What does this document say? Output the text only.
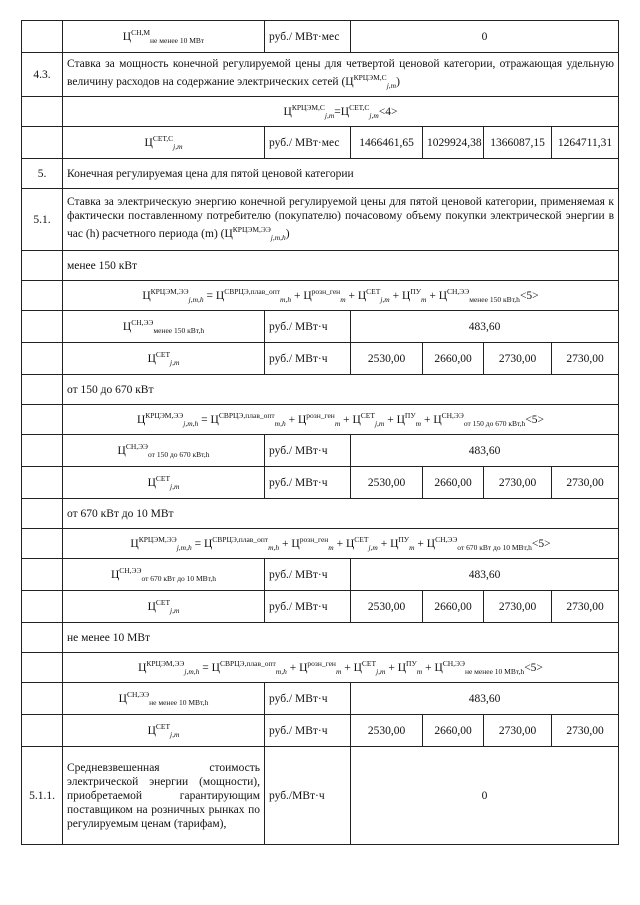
	$Ц^{СН,М}_{не менее 10 МВт}$	руб./ МВт·мес	0			
4.3.	Ставка за мощность конечной регулируемой цены для четвертой ценовой категории, отражающая удельную величину расходов на содержание электрических сетей $(Ц^{КРЦЭМ,С}_{j,m})$					
	$Ц^{КРЦЭМ,С}_{j,m}=Ц^{СЕТ,С}_{j,m}<4>$					
	$Ц^{СЕТ,С}_{j,m}$	руб./ МВт·мес	1466461,65	1029924,38	1366087,15	1264711,31
5.	Конечная регулируемая цена для пятой ценовой категории					
5.1.	Ставка за электрическую энергию конечной регулируемой цены для пятой ценовой категории, применяемая к фактически поставленному потребителю (покупателю) почасовому объему покупки электрической энергии в час (h) расчетного периода (m) $(Ц^{КРЦЭМ,ЭЭ}_{j,m,h})$					
	менее 150 кВт					
	$Ц^{КРЦЭМ,ЭЭ}_{j,m,h} = Ц^{СВРЦЭ,плав\_опт}_{m,h} + Ц^{розн\_ген}_m + Ц^{СЕТ}_{j,m} + Ц^{ПУ}_m + Ц^{СН,ЭЭ}_{менее 150 кВт,h}<5>$					
	$Ц^{СН,ЭЭ}_{менее 150 кВт,h}$	руб./ МВт·ч	483,60			
	$Ц^{СЕТ}_{j,m}$	руб./ МВт·ч	2530,00	2660,00	2730,00	2730,00
	от 150 до 670 кВт					
	$Ц^{КРЦЭМ,ЭЭ}_{j,m,h} = Ц^{СВРЦЭ,плав\_опт}_{m,h} + Ц^{розн\_ген}_m + Ц^{СЕТ}_{j,m} + Ц^{ПУ}_m + Ц^{СН,ЭЭ}_{от 150 до 670 кВт,h}<5>$					
	$Ц^{СН,ЭЭ}_{от 150 до 670 кВт,h}$	руб./ МВт·ч	483,60			
	$Ц^{СЕТ}_{j,m}$	руб./ МВт·ч	2530,00	2660,00	2730,00	2730,00
	от 670 кВт до 10 МВт					
	$Ц^{КРЦЭМ,ЭЭ}_{j,m,h} = Ц^{СВРЦЭ,плав\_опт}_{m,h} + Ц^{розн\_ген}_m + Ц^{СЕТ}_{j,m} + Ц^{ПУ}_m + Ц^{СН,ЭЭ}_{от 670 кВт до 10 МВт,h}<5>$					
	$Ц^{СН,ЭЭ}_{от 670 кВт до 10 МВт,h}$	руб./ МВт·ч	483,60			
	$Ц^{СЕТ}_{j,m}$	руб./ МВт·ч	2530,00	2660,00	2730,00	2730,00
	не менее 10 МВт					
	$Ц^{КРЦЭМ,ЭЭ}_{j,m,h} = Ц^{СВРЦЭ,плав\_опт}_{m,h} + Ц^{розн\_ген}_m + Ц^{СЕТ}_{j,m} + Ц^{ПУ}_m + Ц^{СН,ЭЭ}_{не менее 10 МВт,h}<5>$					
	$Ц^{СН,ЭЭ}_{не менее 10 МВт,h}$	руб./ МВт·ч	483,60			
	$Ц^{СЕТ}_{j,m}$	руб./ МВт·ч	2530,00	2660,00	2730,00	2730,00
5.1.1.	Средневзвешенная стоимость электрической энергии (мощности), приобретаемой гарантирующим поставщиком на розничных рынках по регулируемым ценам (тарифам),	руб./МВт·ч	0			
